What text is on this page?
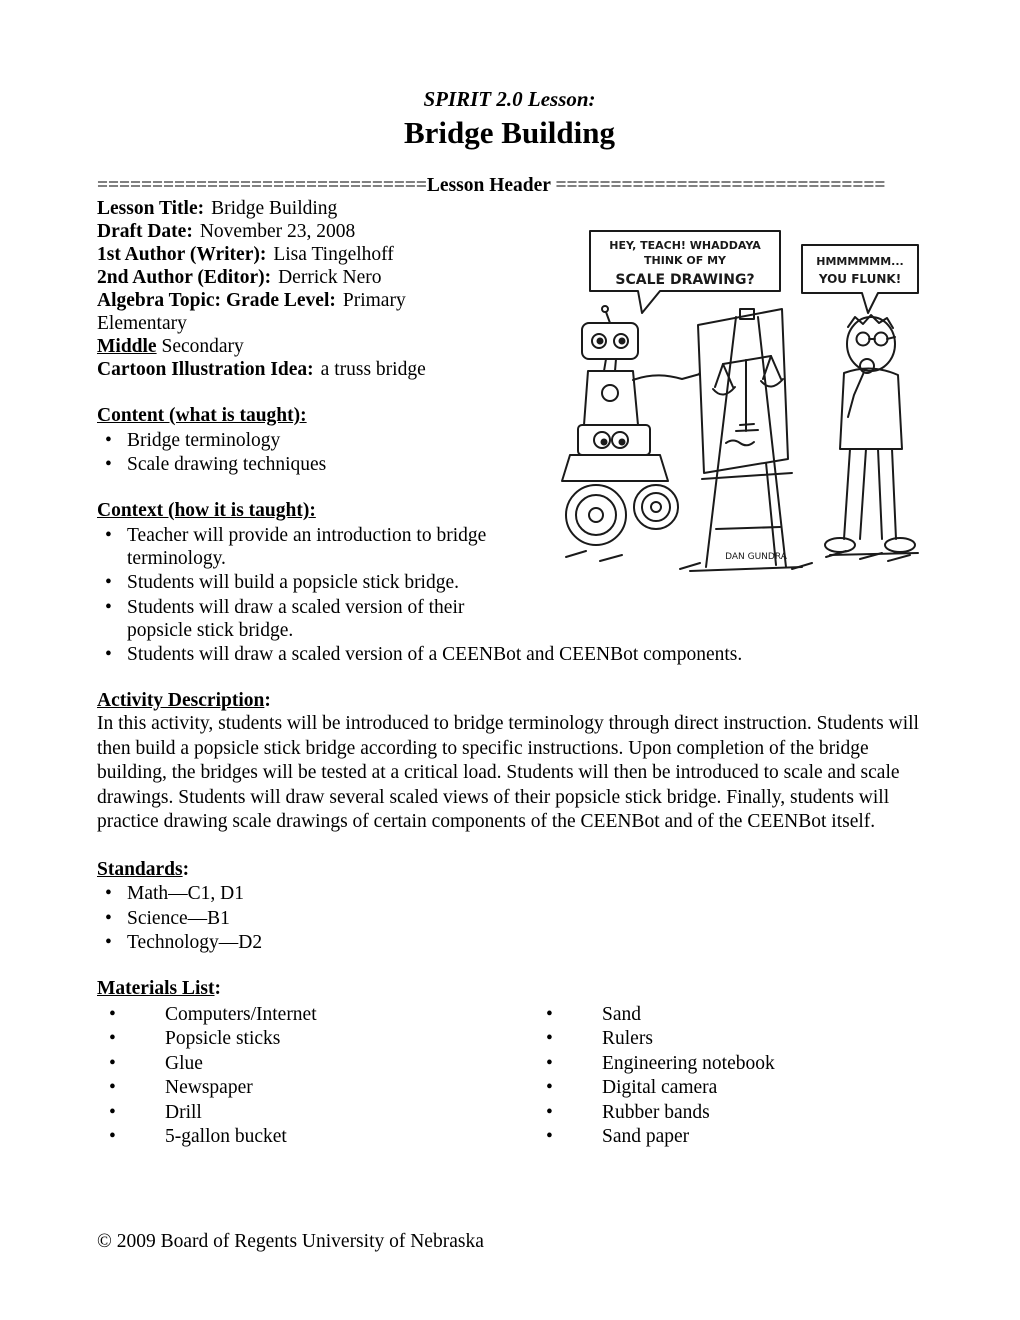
SPIRIT 2.0 Lesson:
Bridge Building
==============================Lesson Header ==============================
HEY, TEACH! WHADDAYA
THINK OF MY
SCALE DRAWING?
HMMMMMM...
YOU FLUNK!
DAN GUNDRA
Lesson Title: Bridge Building
Draft Date: November 23, 2008
1st Author (Writer): Lisa Tingelhoff
2nd Author (Editor): Derrick Nero
Algebra Topic: Grade Level: Primary Elementary
Middle Secondary
Cartoon Illustration Idea: a truss bridge
Content (what is taught):
• Bridge terminology
• Scale drawing techniques
Context (how it is taught):
• Teacher will provide an introduction to bridge terminology.
• Students will build a popsicle stick bridge.
• Students will draw a scaled version of their popsicle stick bridge.
• Students will draw a scaled version of a CEENBot and CEENBot components.
Activity Description:
In this activity, students will be introduced to bridge terminology through direct instruction. Students will then build a popsicle stick bridge according to specific instructions. Upon completion of the bridge building, the bridges will be tested at a critical load. Students will then be introduced to scale and scale drawings. Students will draw several scaled views of their popsicle stick bridge. Finally, students will practice drawing scale drawings of certain components of the CEENBot and of the CEENBot itself.
Standards:
• Math—C1, D1
• Science—B1
• Technology—D2
Materials List:
• Computers/Internet
• Popsicle sticks
• Glue
• Newspaper
• Drill
• 5-gallon bucket
• Sand
• Rulers
• Engineering notebook
• Digital camera
• Rubber bands
• Sand paper
© 2009 Board of Regents University of Nebraska
